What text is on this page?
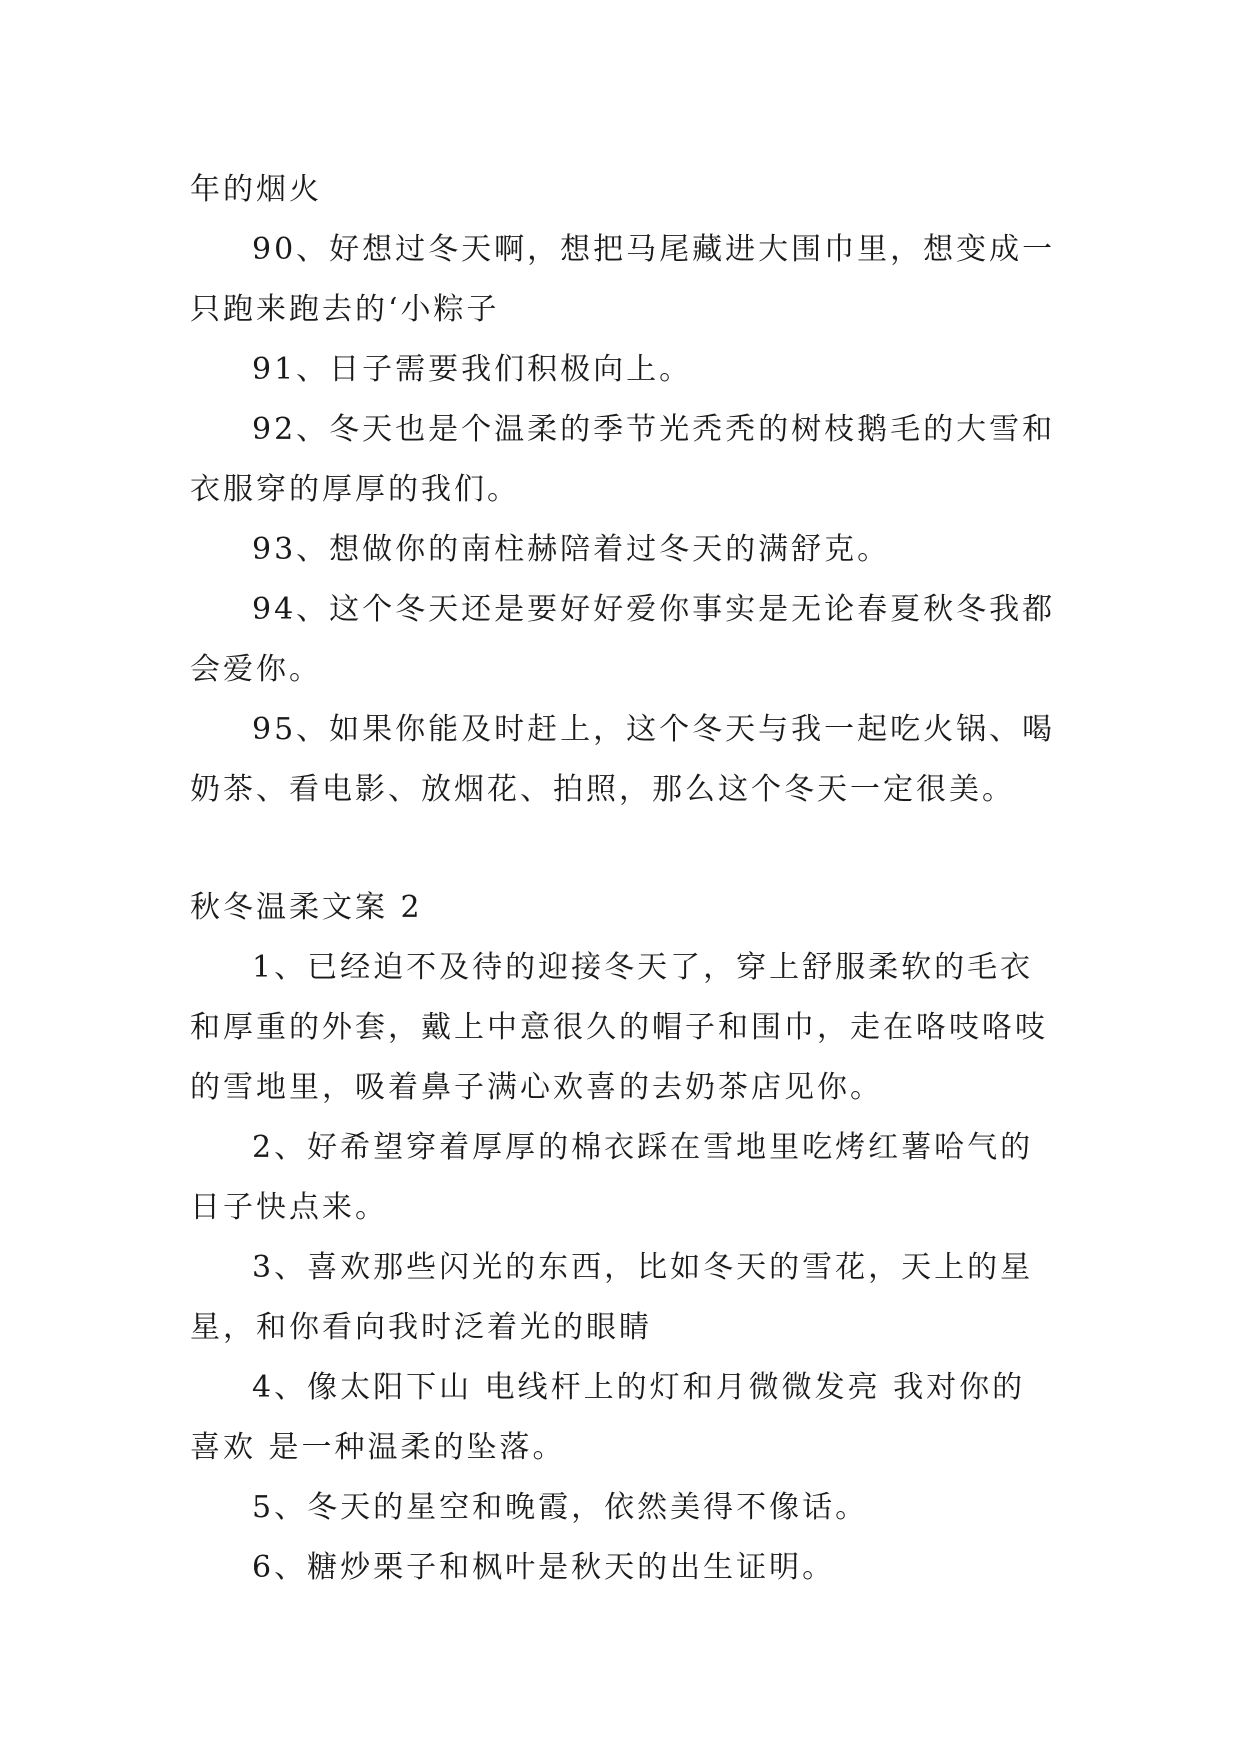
年的烟火
90、好想过冬天啊，想把马尾藏进大围巾里，想变成一
只跑来跑去的‘小粽子
91、日子需要我们积极向上。
92、冬天也是个温柔的季节光秃秃的树枝鹅毛的大雪和
衣服穿的厚厚的我们。
93、想做你的南柱赫陪着过冬天的满舒克。
94、这个冬天还是要好好爱你事实是无论春夏秋冬我都
会爱你。
95、如果你能及时赶上，这个冬天与我一起吃火锅、喝
奶茶、看电影、放烟花、拍照，那么这个冬天一定很美。
秋冬温柔文案 2
1、已经迫不及待的迎接冬天了，穿上舒服柔软的毛衣
和厚重的外套，戴上中意很久的帽子和围巾，走在咯吱咯吱
的雪地里，吸着鼻子满心欢喜的去奶茶店见你。
2、好希望穿着厚厚的棉衣踩在雪地里吃烤红薯哈气的
日子快点来。
3、喜欢那些闪光的东西，比如冬天的雪花，天上的星
星，和你看向我时泛着光的眼睛
4、像太阳下山 电线杆上的灯和月微微发亮 我对你的
喜欢 是一种温柔的坠落。
5、冬天的星空和晚霞，依然美得不像话。
6、糖炒栗子和枫叶是秋天的出生证明。
